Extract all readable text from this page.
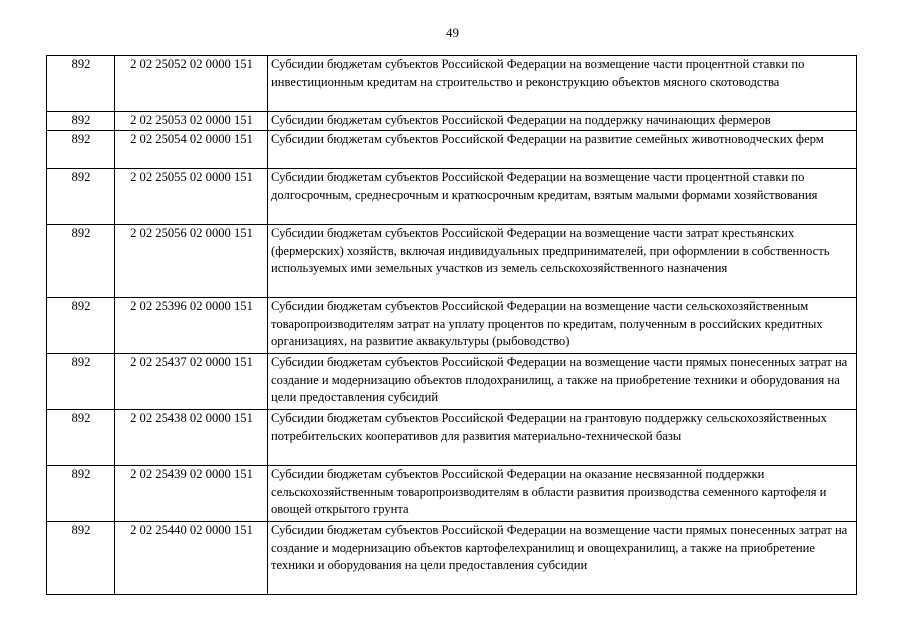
49
892	2 02 25052 02 0000 151	Субсидии бюджетам субъектов Российской Федерации на возмещение части процентной ставки по инвестиционным кредитам на строительство и реконструкцию объектов мясного скотоводства
892	2 02 25053 02 0000 151	Субсидии бюджетам субъектов Российской Федерации на поддержку начинающих фермеров
892	2 02 25054 02 0000 151	Субсидии бюджетам субъектов Российской Федерации на развитие семейных животноводческих ферм
892	2 02 25055 02 0000 151	Субсидии бюджетам субъектов Российской Федерации на возмещение части процентной ставки по долгосрочным, среднесрочным и краткосрочным кредитам, взятым малыми формами хозяйствования
892	2 02 25056 02 0000 151	Субсидии бюджетам субъектов Российской Федерации на возмещение части затрат крестьянских (фермерских) хозяйств, включая индивидуальных предпринимателей, при оформлении в собственность используемых ими земельных участков из земель сельскохозяйственного назначения
892	2 02 25396 02 0000 151	Субсидии бюджетам субъектов Российской Федерации на возмещение части сельскохозяйственным товаропроизводителям затрат на уплату процентов по кредитам, полученным в российских кредитных организациях, на развитие аквакультуры (рыбоводство)
892	2 02 25437 02 0000 151	Субсидии бюджетам субъектов Российской Федерации на возмещение части прямых понесенных затрат на создание и модернизацию объектов плодохранилищ, а также на приобретение техники и оборудования на цели предоставления субсидий
892	2 02 25438 02 0000 151	Субсидии бюджетам субъектов Российской Федерации на грантовую поддержку сельскохозяйственных потребительских кооперативов для развития материально-технической базы
892	2 02 25439 02 0000 151	Субсидии бюджетам субъектов Российской Федерации на оказание несвязанной поддержки сельскохозяйственным товаропроизводителям в области развития производства семенного картофеля и овощей открытого грунта
892	2 02 25440 02 0000 151	Субсидии бюджетам субъектов Российской Федерации на возмещение части прямых понесенных затрат на создание и модернизацию объектов картофелехранилищ и овощехранилищ, а также на приобретение техники и оборудования на цели предоставления субсидии
